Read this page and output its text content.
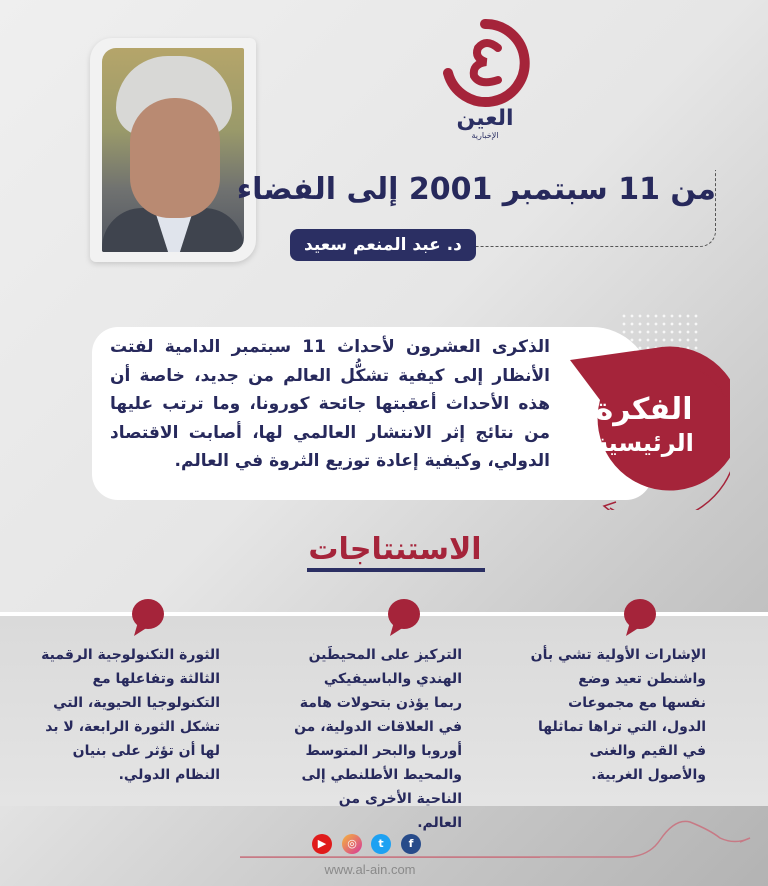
العين
الإخبارية
من 11 سبتمبر 2001 إلى الفضاء
د. عبد المنعم سعيد
الذكرى العشرون لأحداث 11 سبتمبر الدامية لفتت الأنظار إلى كيفية تشكُّل العالم من جديد، خاصة أن هذه الأحداث أعقبتها جائحة كورونا، وما ترتب عليها من نتائج إثر الانتشار العالمي لها، أصابت الاقتصاد الدولي، وكيفية إعادة توزيع الثروة في العالم.
الفكرة
الرئيسية
الاستنتاجات
الإشارات الأولية تشي بأن واشنطن تعيد وضع نفسها مع مجموعات الدول، التي تراها تماثلها في القيم والغنى والأصول الغربية.
التركيز على المحيطَين الهندي والباسيفيكي ربما يؤذن بتحولات هامة في العلاقات الدولية، من أوروبا والبحر المتوسط والمحيط الأطلنطي إلى الناحية الأخرى من العالم.
الثورة التكنولوجية الرقمية الثالثة وتفاعلها مع التكنولوجيا الحيوية، التي تشكل الثورة الرابعة، لا بد لها أن تؤثر على بنيان النظام الدولي.
▶	◎	t	f
www.al-ain.com
